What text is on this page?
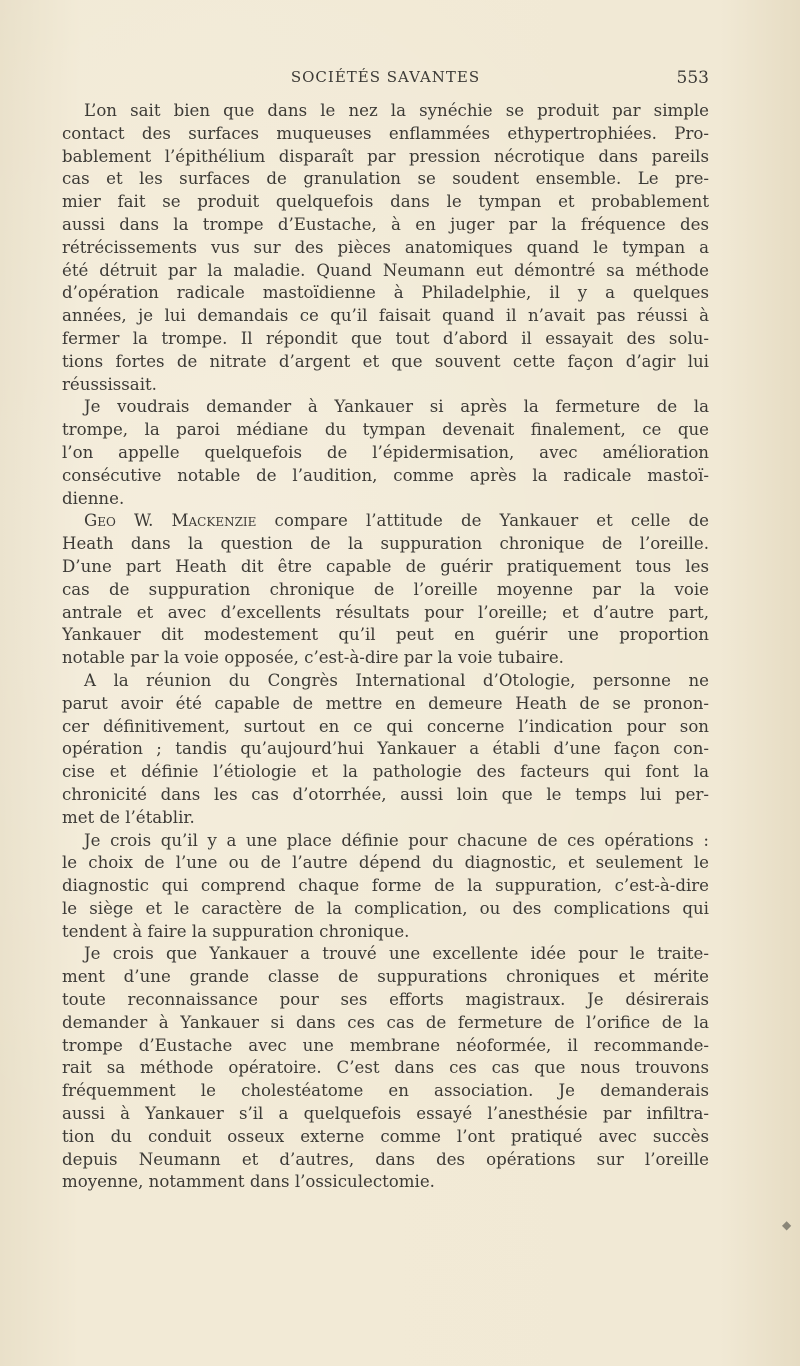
SOCIÉTÉS SAVANTES	553
L’on sait bien que dans le nez la synéchie se produit par simple
contact des surfaces muqueuses enflammées ethypertrophiées. Pro-
bablement l’épithélium disparaît par pression nécrotique dans pareils
cas et les surfaces de granulation se soudent ensemble. Le pre-
mier fait se produit quelquefois dans le tympan et probablement
aussi dans la trompe d’Eustache, à en juger par la fréquence des
rétrécissements vus sur des pièces anatomiques quand le tympan a
été détruit par la maladie. Quand Neumann eut démontré sa méthode
d’opération radicale mastoïdienne à Philadelphie, il y a quelques
années, je lui demandais ce qu’il faisait quand il n’avait pas réussi à
fermer la trompe. Il répondit que tout d’abord il essayait des solu-
tions fortes de nitrate d’argent et que souvent cette façon d’agir lui
réussissait.
Je voudrais demander à Yankauer si après la fermeture de la
trompe, la paroi médiane du tympan devenait finalement, ce que
l’on appelle quelquefois de l’épidermisation, avec amélioration
consécutive notable de l’audition, comme après la radicale mastoï-
dienne.
Geo W. Mackenzie compare l’attitude de Yankauer et celle de
Heath dans la question de la suppuration chronique de l’oreille.
D’une part Heath dit être capable de guérir pratiquement tous les
cas de suppuration chronique de l’oreille moyenne par la voie
antrale et avec d’excellents résultats pour l’oreille; et d’autre part,
Yankauer dit modestement qu’il peut en guérir une proportion
notable par la voie opposée, c’est-à-dire par la voie tubaire.
A la réunion du Congrès International d’Otologie, personne ne
parut avoir été capable de mettre en demeure Heath de se pronon-
cer définitivement, surtout en ce qui concerne l’indication pour son
opération ; tandis qu’aujourd’hui Yankauer a établi d’une façon con-
cise et définie l’étiologie et la pathologie des facteurs qui font la
chronicité dans les cas d’otorrhée, aussi loin que le temps lui per-
met de l’établir.
Je crois qu’il y a une place définie pour chacune de ces opérations :
le choix de l’une ou de l’autre dépend du diagnostic, et seulement le
diagnostic qui comprend chaque forme de la suppuration, c’est-à-dire
le siège et le caractère de la complication, ou des complications qui
tendent à faire la suppuration chronique.
Je crois que Yankauer a trouvé une excellente idée pour le traite-
ment d’une grande classe de suppurations chroniques et mérite
toute reconnaissance pour ses efforts magistraux. Je désirerais
demander à Yankauer si dans ces cas de fermeture de l’orifice de la
trompe d’Eustache avec une membrane néoformée, il recommande-
rait sa méthode opératoire. C’est dans ces cas que nous trouvons
fréquemment le cholestéatome en association. Je demanderais
aussi à Yankauer s’il a quelquefois essayé l’anesthésie par infiltra-
tion du conduit osseux externe comme l’ont pratiqué avec succès
depuis Neumann et d’autres, dans des opérations sur l’oreille
moyenne, notamment dans l’ossiculectomie.
◆
